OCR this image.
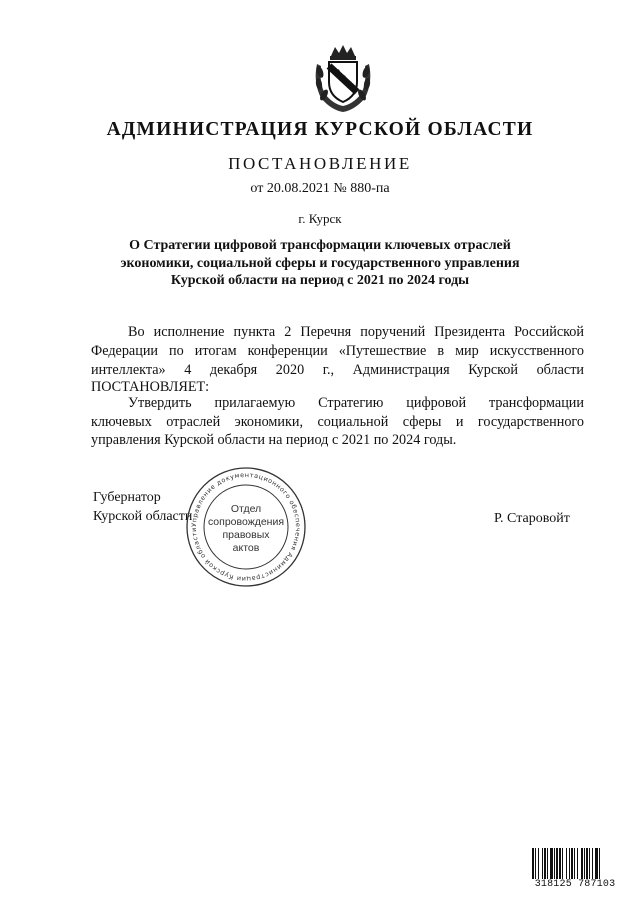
АДМИНИСТРАЦИЯ КУРСКОЙ ОБЛАСТИ
ПОСТАНОВЛЕНИЕ
от 20.08.2021 № 880-па
г. Курск
О Стратегии цифровой трансформации ключевых отраслей
экономики, социальной сферы и государственного управления
Курской области на период с 2021 по 2024 годы
Во исполнение пункта 2 Перечня поручений Президента Российской
Федерации по итогам конференции «Путешествие в мир искусственного
интеллекта» 4 декабря 2020 г., Администрация Курской области
ПОСТАНОВЛЯЕТ:
Утвердить прилагаемую Стратегию цифровой трансформации
ключевых отраслей экономики, социальной сферы и государственного
управления Курской области на период с 2021 по 2024 годы.
Губернатор
Курской области	Р. Старовойт
Управление документационного обеспечения Администрации Курской области
Отдел
сопровождения
правовых
актов
318125 787103
